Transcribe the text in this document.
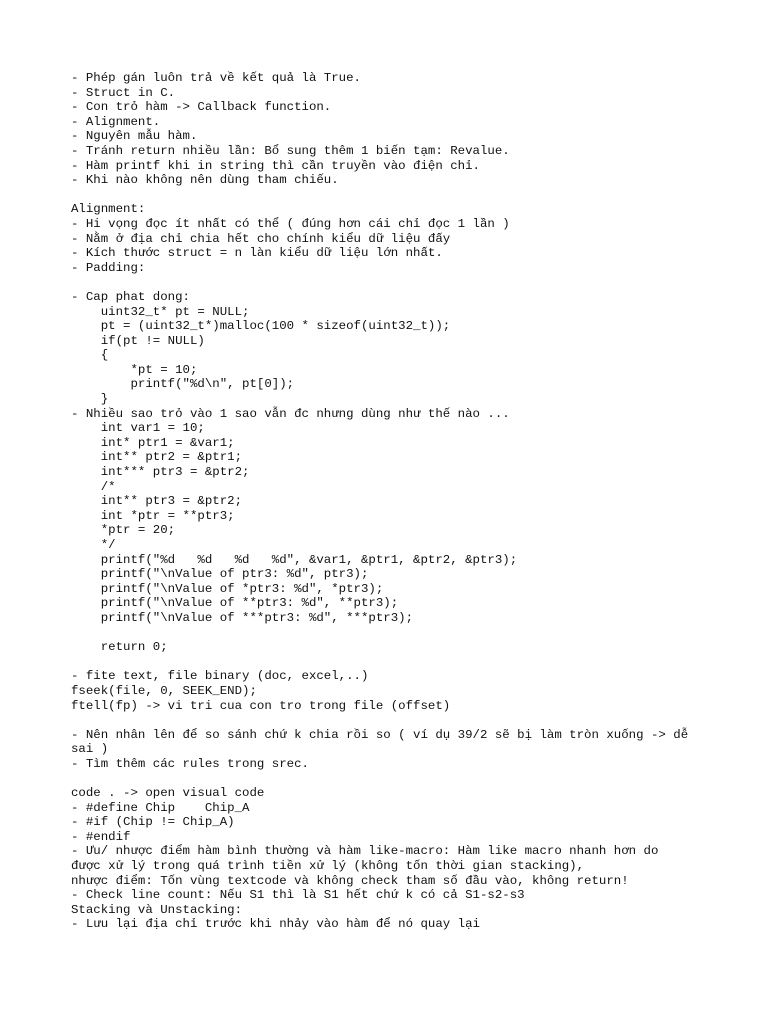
- Phép gán luôn trả về kết quả là True.
- Struct in C.
- Con trỏ hàm -> Callback function.
- Alignment.
- Nguyên mẫu hàm.
- Tránh return nhiều lần: Bổ sung thêm 1 biến tạm: Revalue.
- Hàm printf khi in string thì cần truyền vào điện chỉ.
- Khi nào không nên dùng tham chiếu.
Alignment:
- Hi vọng đọc ít nhất có thể ( đúng hơn cái chỉ đọc 1 lần )
- Nằm ở địa chỉ chia hết cho chính kiểu dữ liệu đấy
- Kích thước struct = n làn kiểu dữ liệu lớn nhất.
- Padding:
- Cap phat dong:
uint32_t* pt = NULL;
pt = (uint32_t*)malloc(100 * sizeof(uint32_t));
if(pt != NULL)
{
*pt = 10;
printf("%d\n", pt[0]);
}
- Nhiều sao trỏ vào 1 sao vẫn đc nhưng dùng như thế nào ...
int var1 = 10;
int* ptr1 = &var1;
int** ptr2 = &ptr1;
int*** ptr3 = &ptr2;
/*
int** ptr3 = &ptr2;
int *ptr = **ptr3;
*ptr = 20;
*/
printf("%d   %d   %d   %d", &var1, &ptr1, &ptr2, &ptr3);
printf("\nValue of ptr3: %d", ptr3);
printf("\nValue of *ptr3: %d", *ptr3);
printf("\nValue of **ptr3: %d", **ptr3);
printf("\nValue of ***ptr3: %d", ***ptr3);
return 0;
- fite text, file binary (doc, excel,..)
fseek(file, 0, SEEK_END);
ftell(fp) -> vi tri cua con tro trong file (offset)
- Nên nhân lên để so sánh chứ k chia rồi so ( ví dụ 39/2 sẽ bị làm tròn xuống -> dễ
sai )
- Tìm thêm các rules trong srec.
code . -> open visual code
- #define Chip    Chip_A
- #if (Chip != Chip_A)
- #endif
- Ưu/ nhược điểm hàm bình thường và hàm like-macro: Hàm like macro nhanh hơn do
được xử lý trong quá trình tiền xử lý (không tốn thời gian stacking),
nhược điểm: Tốn vùng textcode và không check tham số đầu vào, không return!
- Check line count: Nếu S1 thì là S1 hết chứ k có cả S1-s2-s3
Stacking và Unstacking:
- Lưu lại địa chỉ trước khi nhảy vào hàm để nó quay lại
